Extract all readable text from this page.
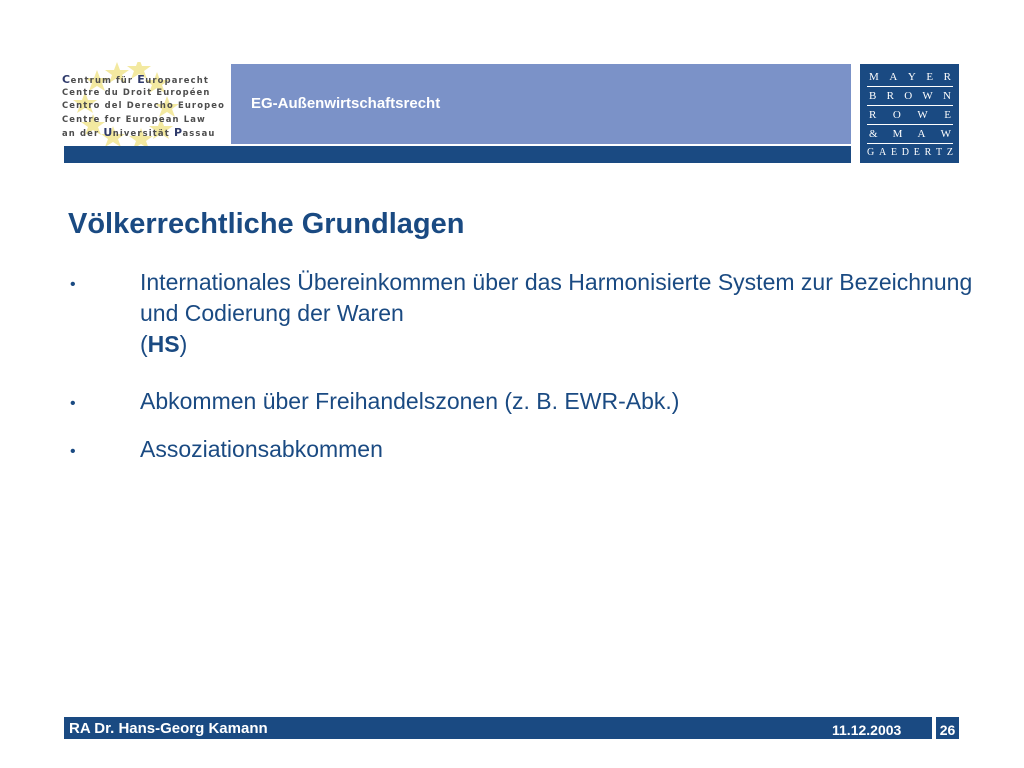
Centrum für Europarecht
Centre du Droit Européen
Centro del Derecho Europeo
Centre for European Law
an der Universität Passau
EG-Außenwirtschaftsrecht
M A Y E R
B R O W N
R O W E
& M A W
G A E D E R T Z
Völkerrechtliche Grundlagen
•	Internationales Übereinkommen über das Harmonisierte System zur Bezeichnung und Codierung der Waren
(HS)
•	Abkommen über Freihandelszonen (z. B. EWR-Abk.)
•	Assoziationsabkommen
RA Dr. Hans-Georg Kamann	11.12.2003	26
